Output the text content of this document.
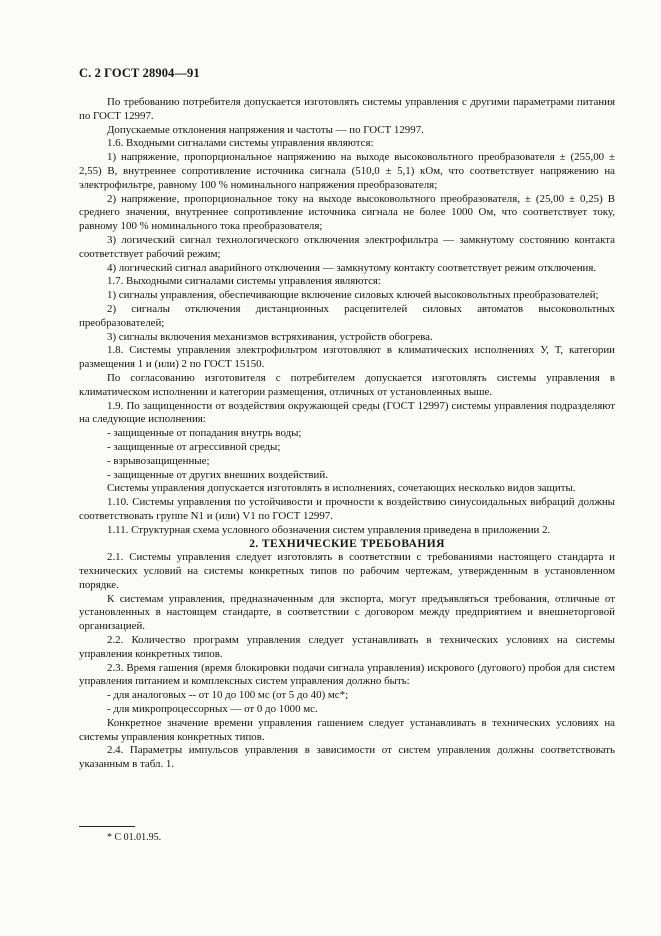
С. 2 ГОСТ 28904—91

По требованию потребителя допускается изготовлять системы управления с другими параметрами питания по ГОСТ 12997.

Допускаемые отклонения напряжения и частоты — по ГОСТ 12997.

1.6. Входными сигналами системы управления являются:

1) напряжение, пропорциональное напряжению на выходе высоковольтного преобразователя ± (255,00 ± 2,55) В, внутреннее сопротивление источника сигнала (510,0 ± 5,1) кОм, что соответствует напряжению на электрофильтре, равному 100 % номинального напряжения преобразователя;

2) напряжение, пропорциональное току на выходе высоковольтного преобразователя, ± (25,00 ± 0,25) В среднего значения, внутреннее сопротивление источника сигнала не более 1000 Ом, что соответствует току, равному 100 % номинального тока преобразователя;

3) логический сигнал технологического отключения электрофильтра — замкнутому состоянию контакта соответствует рабочий режим;

4) логический сигнал аварийного отключения — замкнутому контакту соответствует режим отключения.

1.7. Выходными сигналами системы управления являются:

1) сигналы управления, обеспечивающие включение силовых ключей высоковольтных преобразователей;

2) сигналы отключения дистанционных расцепителей силовых автоматов высоковольтных преобразователей;

3) сигналы включения механизмов встряхивания, устройств обогрева.

1.8. Системы управления электрофильтром изготовляют в климатических исполнениях У, Т, категории размещения 1 и (или) 2 по ГОСТ 15150.

По согласованию изготовителя с потребителем допускается изготовлять системы управления в климатическом исполнении и категории размещения, отличных от установленных выше.

1.9. По защищенности от воздействия окружающей среды (ГОСТ 12997) системы управления подразделяют на следующие исполнения:

- защищенные от попадания внутрь воды;

- защищенные от агрессивной среды;

- взрывозащищенные;

- защищенные от других внешних воздействий.

Системы управления допускается изготовлять в исполнениях, сочетающих несколько видов защиты.

1.10. Системы управления по устойчивости и прочности к воздействию синусоидальных вибраций должны соответствовать группе N1 и (или) V1 по ГОСТ 12997.

1.11. Структурная схема условного обозначения систем управления приведена в приложении 2.

2. ТЕХНИЧЕСКИЕ ТРЕБОВАНИЯ

2.1. Системы управления следует изготовлять в соответствии с требованиями настоящего стандарта и технических условий на системы конкретных типов по рабочим чертежам, утвержденным в установленном порядке.

К системам управления, предназначенным для экспорта, могут предъявляться требования, отличные от установленных в настоящем стандарте, в соответствии с договором между предприятием и внешнеторговой организацией.

2.2. Количество программ управления следует устанавливать в технических условиях на системы управления конкретных типов.

2.3. Время гашения (время блокировки подачи сигнала управления) искрового (дугового) пробоя для систем управления питанием и комплексных систем управления должно быть:

- для аналоговых -- от 10 до 100 мс (от 5 до 40) мс*;

- для микропроцессорных — от 0 до 1000 мс.

Конкретное значение времени управления гашением следует устанавливать в технических условиях на системы управления конкретных типов.

2.4. Параметры импульсов управления в зависимости от систем управления должны соответствовать указанным в табл. 1.

* С 01.01.95.
